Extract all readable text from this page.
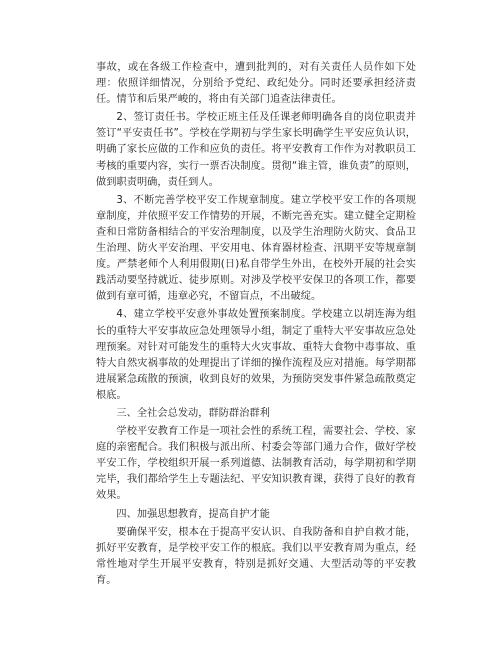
事故，或在各级工作检查中，遭到批判的，对有关责任人员作如下处理：依照详细情况，分别给予党纪、政纪处分。同时还要承担经济责任。情节和后果严峻的，将由有关部门追查法律责任。

2、签订责任书。学校正班主任及任课老师明确各自的岗位职责并签订“平安责任书”。学校在学期初与学生家长明确学生平安应负认识，明确了家长应做的工作和应负的责任。将平安教育工作作为对教职员工考核的重要内容，实行一票否决制度。贯彻“谁主管，谁负责”的原则，做到职责明确，责任到人。

3、不断完善学校平安工作规章制度。建立学校平安工作的各项规章制度，并依照平安工作情势的开展，不断完善充实。建立健全定期检查和日常防备相结合的平安治理制度，以及学生治理防火防灾、食品卫生治理、防火平安治理、平安用电、体育器材检查、汛期平安等规章制度。严禁老师个人利用假期(日)私自带学生外出，在校外开展的社会实践活动要坚持就近、徒步原则。对涉及学校平安保卫的各项工作，都要做到有章可循，违章必究，不留盲点，不出破绽。

4、建立学校平安意外事故处置预案制度。学校建立以胡连海为组长的重特大平安事故应急处理领导小组，制定了重特大平安事故应急处理预案。对针对可能发生的重特大火灾事故、重特大食物中毒事故、重特大自然灾祸事故的处理提出了详细的操作流程及应对措施。每学期都进展紧急疏散的预演，收到良好的效果，为预防突发事件紧急疏散奠定根底。

三、全社会总发动，群防群治群利

学校平安教育工作是一项社会性的系统工程，需要社会、学校、家庭的亲密配合。我们积极与派出所、村委会等部门通力合作，做好学校平安工作，学校组织开展一系列道德、法制教育活动，每学期初和学期完毕，我们都给学生上专题法纪、平安知识教育课，获得了良好的教育效果。

四、加强思想教育，提高自护才能

要确保平安，根本在于提高平安认识、自我防备和自护自救才能，抓好平安教育，是学校平安工作的根底。我们以平安教育周为重点，经常性地对学生开展平安教育，特别是抓好交通、大型活动等的平安教育。
